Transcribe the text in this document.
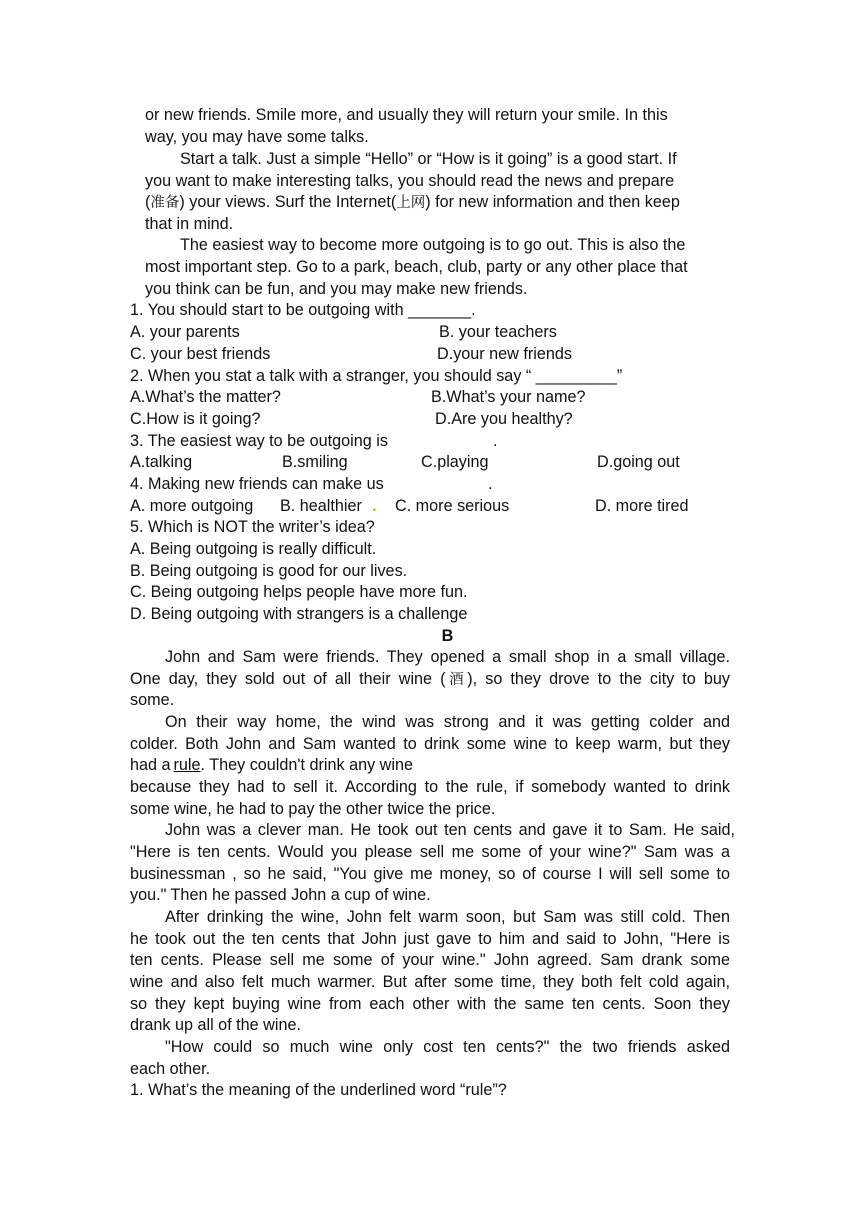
or new friends. Smile more, and usually they will return your smile. In this
way, you may have some talks.
Start a talk. Just a simple “Hello” or “How is it going” is a good start. If
you want to make interesting talks, you should read the news and prepare
(准备) your views. Surf the Internet(上网) for new information and then keep
that in mind.
The easiest way to become more outgoing is to go out. This is also the
most important step. Go to a park, beach, club, party or any other place that
you think can be fun, and you may make new friends.
1. You should start to be outgoing with _______.
A. your parents	B. your teachers
C. your best friends	D.your new friends
2. When you stat a talk with a stranger, you should say “ _________”
A.What’s the matter?	B.What’s your name?
C.How is it going?	D.Are you healthy?
3. The easiest way to be outgoing is	.
A.talking	B.smiling	C.playing	D.going out
4. Making new friends can make us	.
A. more outgoing B. healthier . C. more serious	D. more tired
5. Which is NOT the writer’s idea?
A. Being outgoing is really difficult.
B. Being outgoing is good for our lives.
C. Being outgoing helps people have more fun.
D. Being outgoing with strangers is a challenge
B
John and Sam were friends. They opened a small shop in a small village.
One day, they sold out of all their wine (酒), so they drove to the city to buy
some.
On their way home, the wind was strong and it was getting colder and
colder. Both John and Sam wanted to drink some wine to keep warm, but they
had a rule. They couldn't drink any wine
because they had to sell it. According to the rule, if somebody wanted to drink
some wine, he had to pay the other twice the price.
John was a clever man. He took out ten cents and gave it to Sam. He said,
"Here is ten cents. Would you please sell me some of your wine?" Sam was a
businessman , so he said, "You give me money, so of course I will sell some to
you." Then he passed John a cup of wine.
After drinking the wine, John felt warm soon, but Sam was still cold. Then
he took out the ten cents that John just gave to him and said to John, "Here is
ten cents. Please sell me some of your wine." John agreed. Sam drank some
wine and also felt much warmer. But after some time, they both felt cold again,
so they kept buying wine from each other with the same ten cents. Soon they
drank up all of the wine.
"How could so much wine only cost ten cents?" the two friends asked
each other.
1. What’s the meaning of the underlined word “rule”?
